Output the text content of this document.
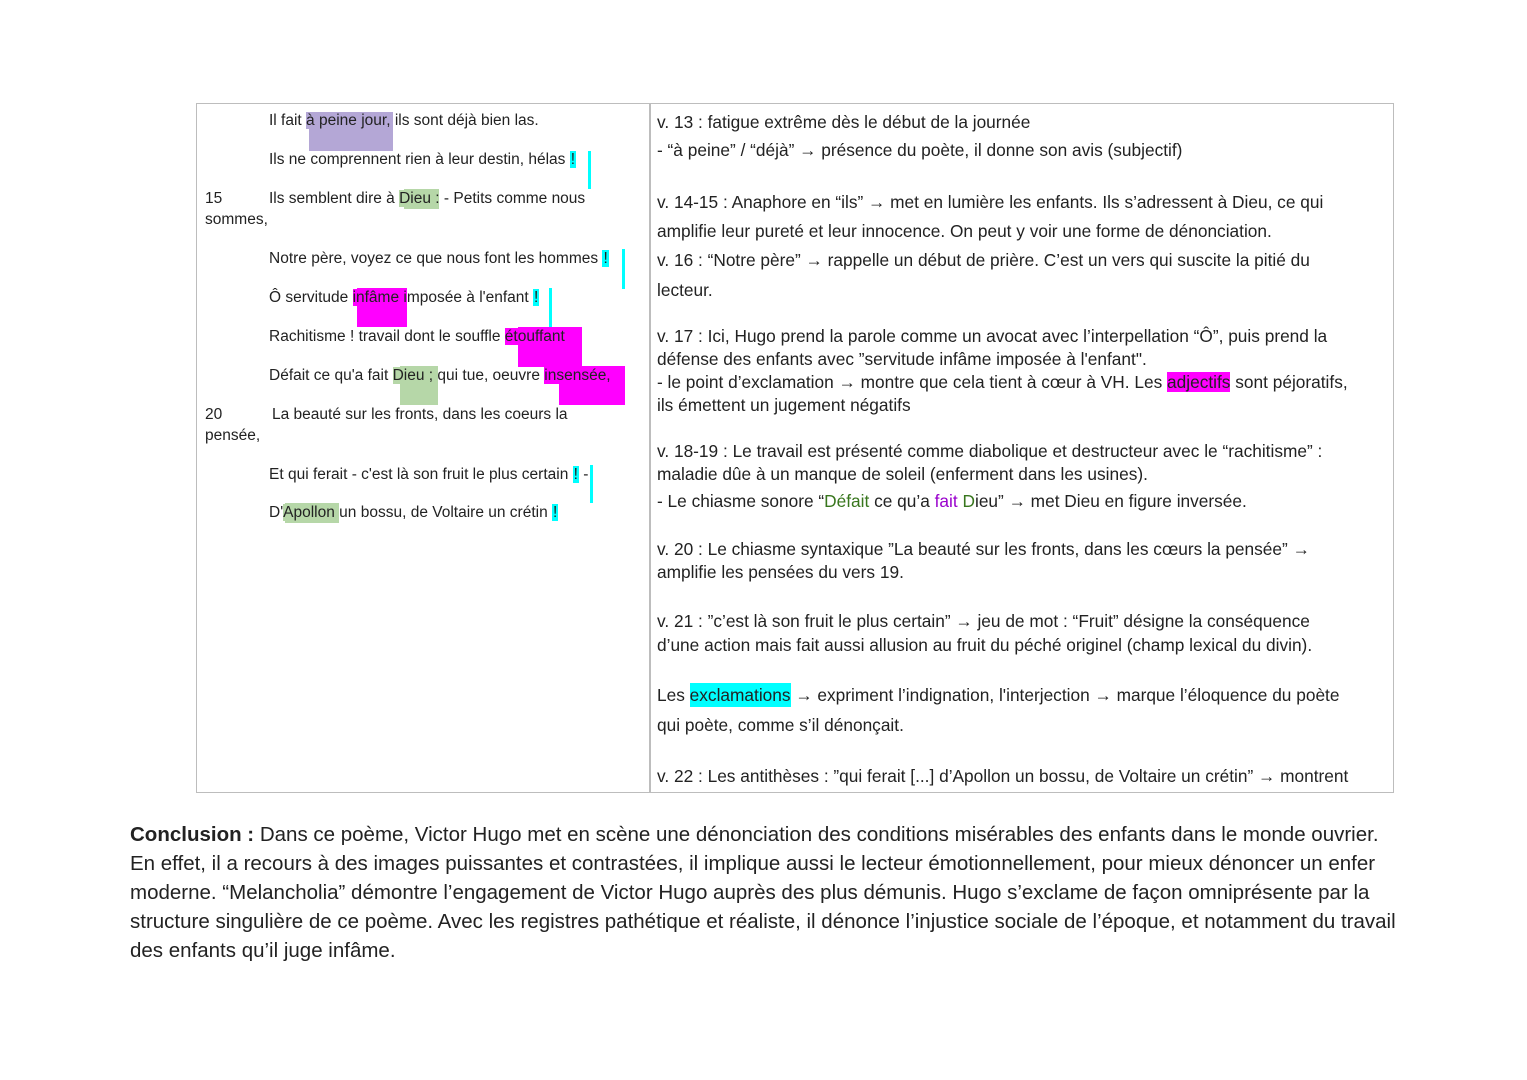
Il fait à peine jour, ils sont déjà bien las.
Ils ne comprennent rien à leur destin, hélas !
15	Ils semblent dire à Dieu : - Petits comme nous
sommes,
Notre père, voyez ce que nous font les hommes !
Ô servitude infâme imposée à l'enfant !
Rachitisme ! travail dont le souffle étouffant
Défait ce qu'a fait Dieu ; qui tue, oeuvre insensée,
20	La beauté sur les fronts, dans les coeurs la
pensée,
Et qui ferait - c'est là son fruit le plus certain ! -
D'Apollon un bossu, de Voltaire un crétin !
v. 13 : fatigue extrême dès le début de la journée
- “à peine” / “déjà” → présence du poète, il donne son avis (subjectif)
v. 14-15 : Anaphore en “ils” → met en lumière les enfants. Ils s’adressent à Dieu, ce qui
amplifie leur pureté et leur innocence. On peut y voir une forme de dénonciation.
v. 16 : “Notre père” → rappelle un début de prière. C’est un vers qui suscite la pitié du
lecteur.
v. 17 : Ici, Hugo prend la parole comme un avocat avec l’interpellation “Ô”, puis prend la
défense des enfants avec ”servitude infâme imposée à l'enfant".
- le point d’exclamation → montre que cela tient à cœur à VH. Les adjectifs sont péjoratifs,
ils émettent un jugement négatifs
v. 18-19 : Le travail est présenté comme diabolique et destructeur avec le “rachitisme” :
maladie dûe à un manque de soleil (enferment dans les usines).
- Le chiasme sonore “Défait ce qu’a fait Dieu” → met Dieu en figure inversée.
v. 20 : Le chiasme syntaxique ”La beauté sur les fronts, dans les cœurs la pensée” →
amplifie les pensées du vers 19.
v. 21 : ”c’est là son fruit le plus certain” → jeu de mot : “Fruit” désigne la conséquence
d’une action mais fait aussi allusion au fruit du péché originel (champ lexical du divin).
Les exclamations → expriment l’indignation, l'interjection → marque l’éloquence du poète
qui poète, comme s’il dénonçait.
v. 22 : Les antithèses : ”qui ferait [...] d’Apollon un bossu, de Voltaire un crétin” → montrent
Conclusion : Dans ce poème, Victor Hugo met en scène une dénonciation des conditions misérables des enfants dans le monde ouvrier. En effet, il a recours à des images puissantes et contrastées, il implique aussi le lecteur émotionnellement, pour mieux dénoncer un enfer moderne. “Melancholia” démontre l’engagement de Victor Hugo auprès des plus démunis. Hugo s’exclame de façon omniprésente par la structure singulière de ce poème. Avec les registres pathétique et réaliste, il dénonce l’injustice sociale de l’époque, et notamment du travail des enfants qu’il juge infâme.
